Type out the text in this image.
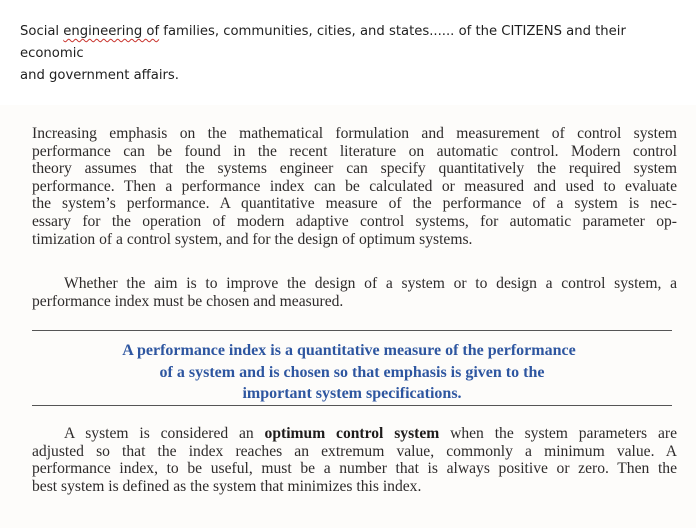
Social engineering of families, communities, cities, and states...... of the CITIZENS and their economic
and government affairs.
Increasing emphasis on the mathematical formulation and measurement of control system
performance can be found in the recent literature on automatic control. Modern control
theory assumes that the systems engineer can specify quantitatively the required system
performance. Then a performance index can be calculated or measured and used to evaluate
the system’s performance. A quantitative measure of the performance of a system is nec-
essary for the operation of modern adaptive control systems, for automatic parameter op-
timization of a control system, and for the design of optimum systems.
Whether the aim is to improve the design of a system or to design a control system, a
performance index must be chosen and measured.
A performance index is a quantitative measure of the performance
of a system and is chosen so that emphasis is given to the
important system specifications.
A system is considered an optimum control system when the system parameters are
adjusted so that the index reaches an extremum value, commonly a minimum value. A
performance index, to be useful, must be a number that is always positive or zero. Then the
best system is defined as the system that minimizes this index.
